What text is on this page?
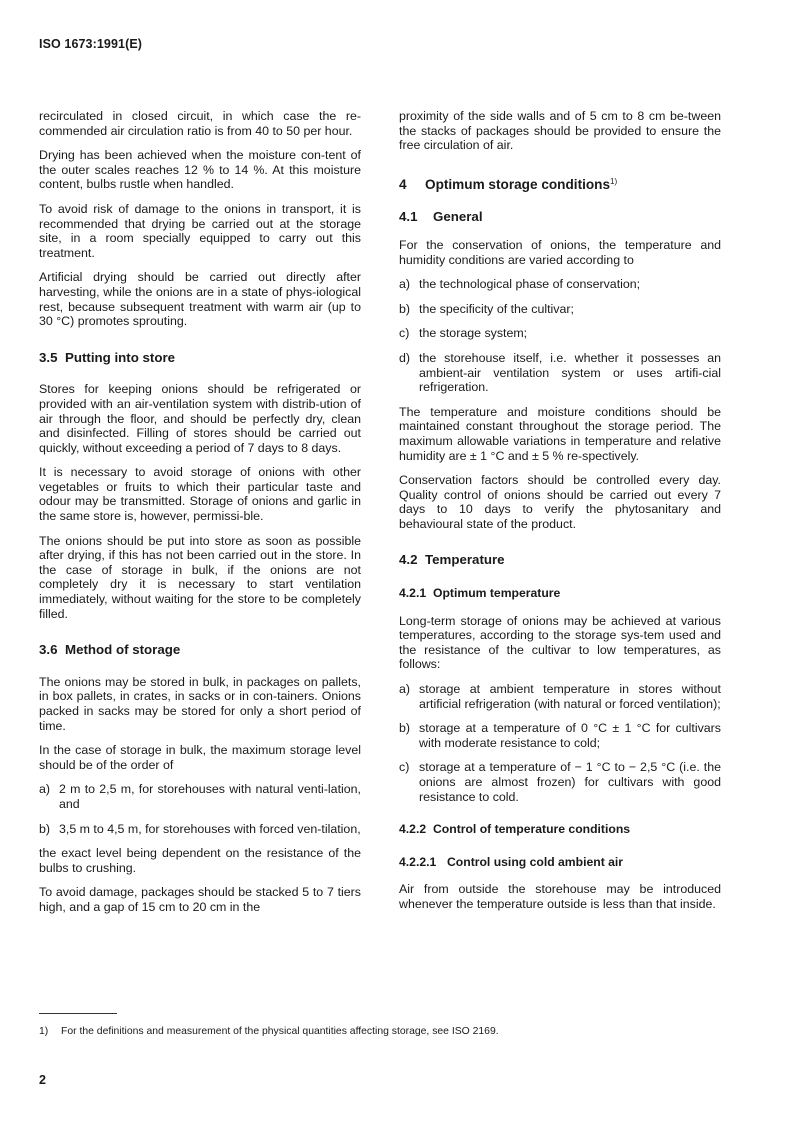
ISO 1673:1991(E)

recirculated in closed circuit, in which case the re-commended air circulation ratio is from 40 to 50 per hour.

Drying has been achieved when the moisture con-tent of the outer scales reaches 12 % to 14 %. At this moisture content, bulbs rustle when handled.

To avoid risk of damage to the onions in transport, it is recommended that drying be carried out at the storage site, in a room specially equipped to carry out this treatment.

Artificial drying should be carried out directly after harvesting, while the onions are in a state of phys-iological rest, because subsequent treatment with warm air (up to 30 °C) promotes sprouting.

3.5 Putting into store

Stores for keeping onions should be refrigerated or provided with an air-ventilation system with distrib-ution of air through the floor, and should be perfectly dry, clean and disinfected. Filling of stores should be carried out quickly, without exceeding a period of 7 days to 8 days.

It is necessary to avoid storage of onions with other vegetables or fruits to which their particular taste and odour may be transmitted. Storage of onions and garlic in the same store is, however, permissi-ble.

The onions should be put into store as soon as possible after drying, if this has not been carried out in the store. In the case of storage in bulk, if the onions are not completely dry it is necessary to start ventilation immediately, without waiting for the store to be completely filled.

3.6 Method of storage

The onions may be stored in bulk, in packages on pallets, in box pallets, in crates, in sacks or in con-tainers. Onions packed in sacks may be stored for only a short period of time.

In the case of storage in bulk, the maximum storage level should be of the order of

a) 2 m to 2,5 m, for storehouses with natural venti-lation, and
b) 3,5 m to 4,5 m, for storehouses with forced ven-tilation,

the exact level being dependent on the resistance of the bulbs to crushing.

To avoid damage, packages should be stacked 5 to 7 tiers high, and a gap of 15 cm to 20 cm in the

proximity of the side walls and of 5 cm to 8 cm be-tween the stacks of packages should be provided to ensure the free circulation of air.

4 Optimum storage conditions$^{1)}$
4.1 General

For the conservation of onions, the temperature and humidity conditions are varied according to

a) the technological phase of conservation;
b) the specificity of the cultivar;
c) the storage system;
d) the storehouse itself, i.e. whether it possesses an ambient-air ventilation system or uses artifi-cial refrigeration.

The temperature and moisture conditions should be maintained constant throughout the storage period. The maximum allowable variations in temperature and relative humidity are ± 1 °C and ± 5 % re-spectively.

Conservation factors should be controlled every day. Quality control of onions should be carried out every 7 days to 10 days to verify the phytosanitary and behavioural state of the product.

4.2 Temperature
4.2.1 Optimum temperature

Long-term storage of onions may be achieved at various temperatures, according to the storage sys-tem used and the resistance of the cultivar to low temperatures, as follows:

a) storage at ambient temperature in stores without artificial refrigeration (with natural or forced ventilation);
b) storage at a temperature of 0 °C ± 1 °C for cultivars with moderate resistance to cold;
c) storage at a temperature of − 1 °C to − 2,5 °C (i.e. the onions are almost frozen) for cultivars with good resistance to cold.
4.2.2 Control of temperature conditions
4.2.2.1 Control using cold ambient air

Air from outside the storehouse may be introduced whenever the temperature outside is less than that inside.

1) For the definitions and measurement of the physical quantities affecting storage, see ISO 2169.
2
